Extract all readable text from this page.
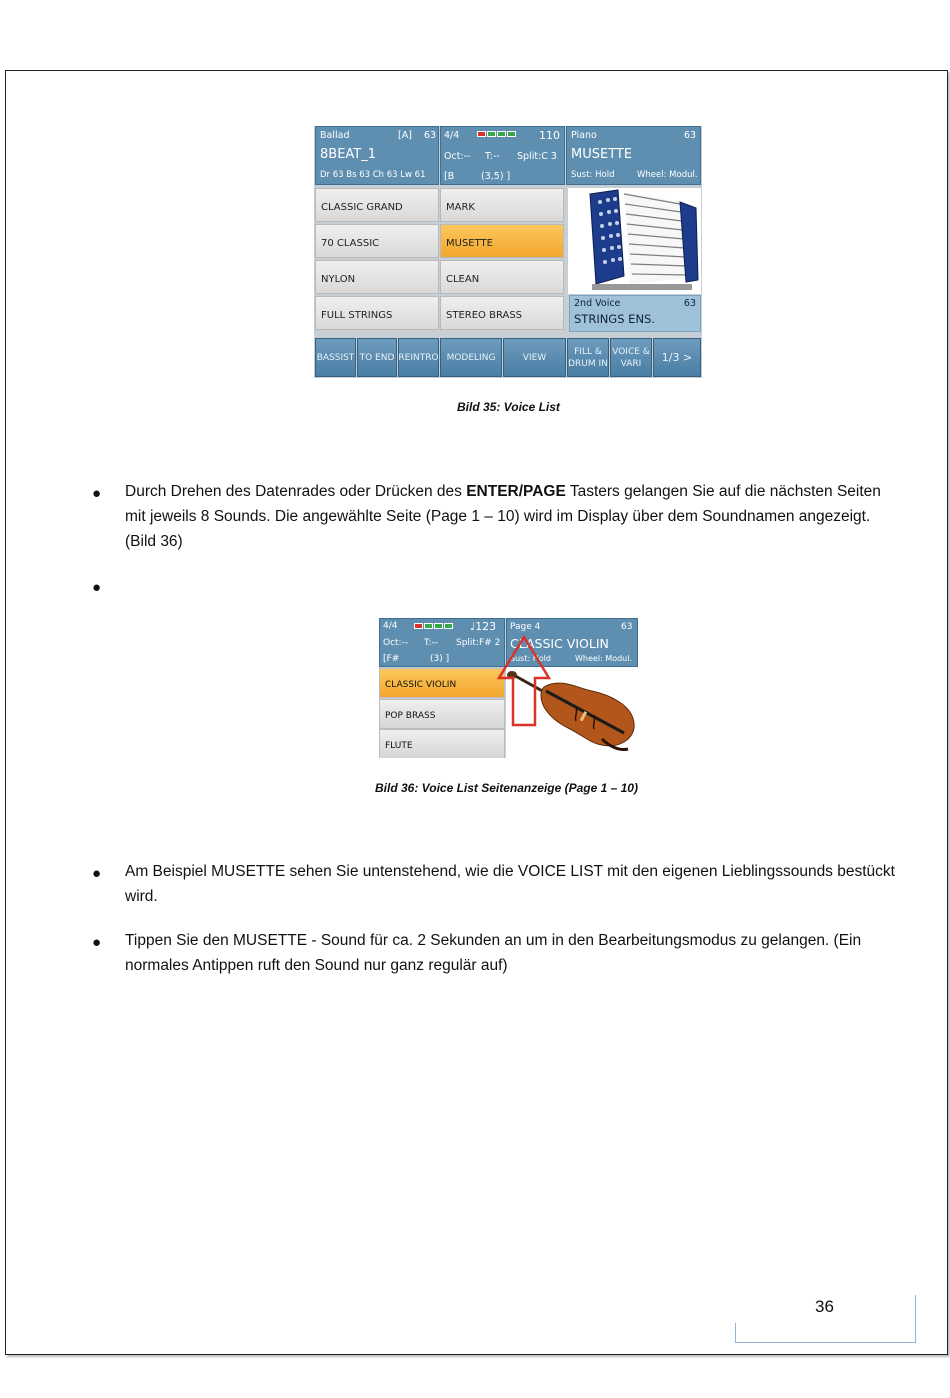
Ballad	[A] 63
8BEAT_1
Dr 63 Bs 63 Ch 63 Lw 61
4/4	110
Oct:-- T:-- Split:C 3
[B	(3,5) ]
Piano	63
MUSETTE
Sust: Hold	Wheel: Modul.
CLASSIC GRAND	MARK
70 CLASSIC	MUSETTE
NYLON	CLEAN
FULL STRINGS	STEREO BRASS
2nd Voice	63
STRINGS ENS.
BASSIST TO END REINTRO MODELING	VIEW
FILL &
DRUM IN
VOICE &
VARI 1/3 >
Bild 35: Voice List
● Durch Drehen des Datenrades oder Drücken des ENTER/PAGE Tasters gelangen Sie auf die nächsten Seiten mit jeweils 8 Sounds. Die angewählte Seite (Page 1 – 10) wird im Display über dem Soundnamen angezeigt. (Bild 36)

●
4/4	♩123
Oct:-- T:-- Split:F# 2
[F#	(3) ]
Page 4	63
CLASSIC VIOLIN
Sust: Hold	Wheel: Modul.
CLASSIC VIOLIN
POP BRASS
FLUTE
Bild 36: Voice List Seitenanzeige (Page 1 – 10)
● Am Beispiel MUSETTE sehen Sie untenstehend, wie die VOICE LIST mit den eigenen Lieblingssounds bestückt wird.

● Tippen Sie den MUSETTE - Sound für ca. 2 Sekunden an um in den Bearbeitungsmodus zu gelangen. (Ein normales Antippen ruft den Sound nur ganz regulär auf)

36
